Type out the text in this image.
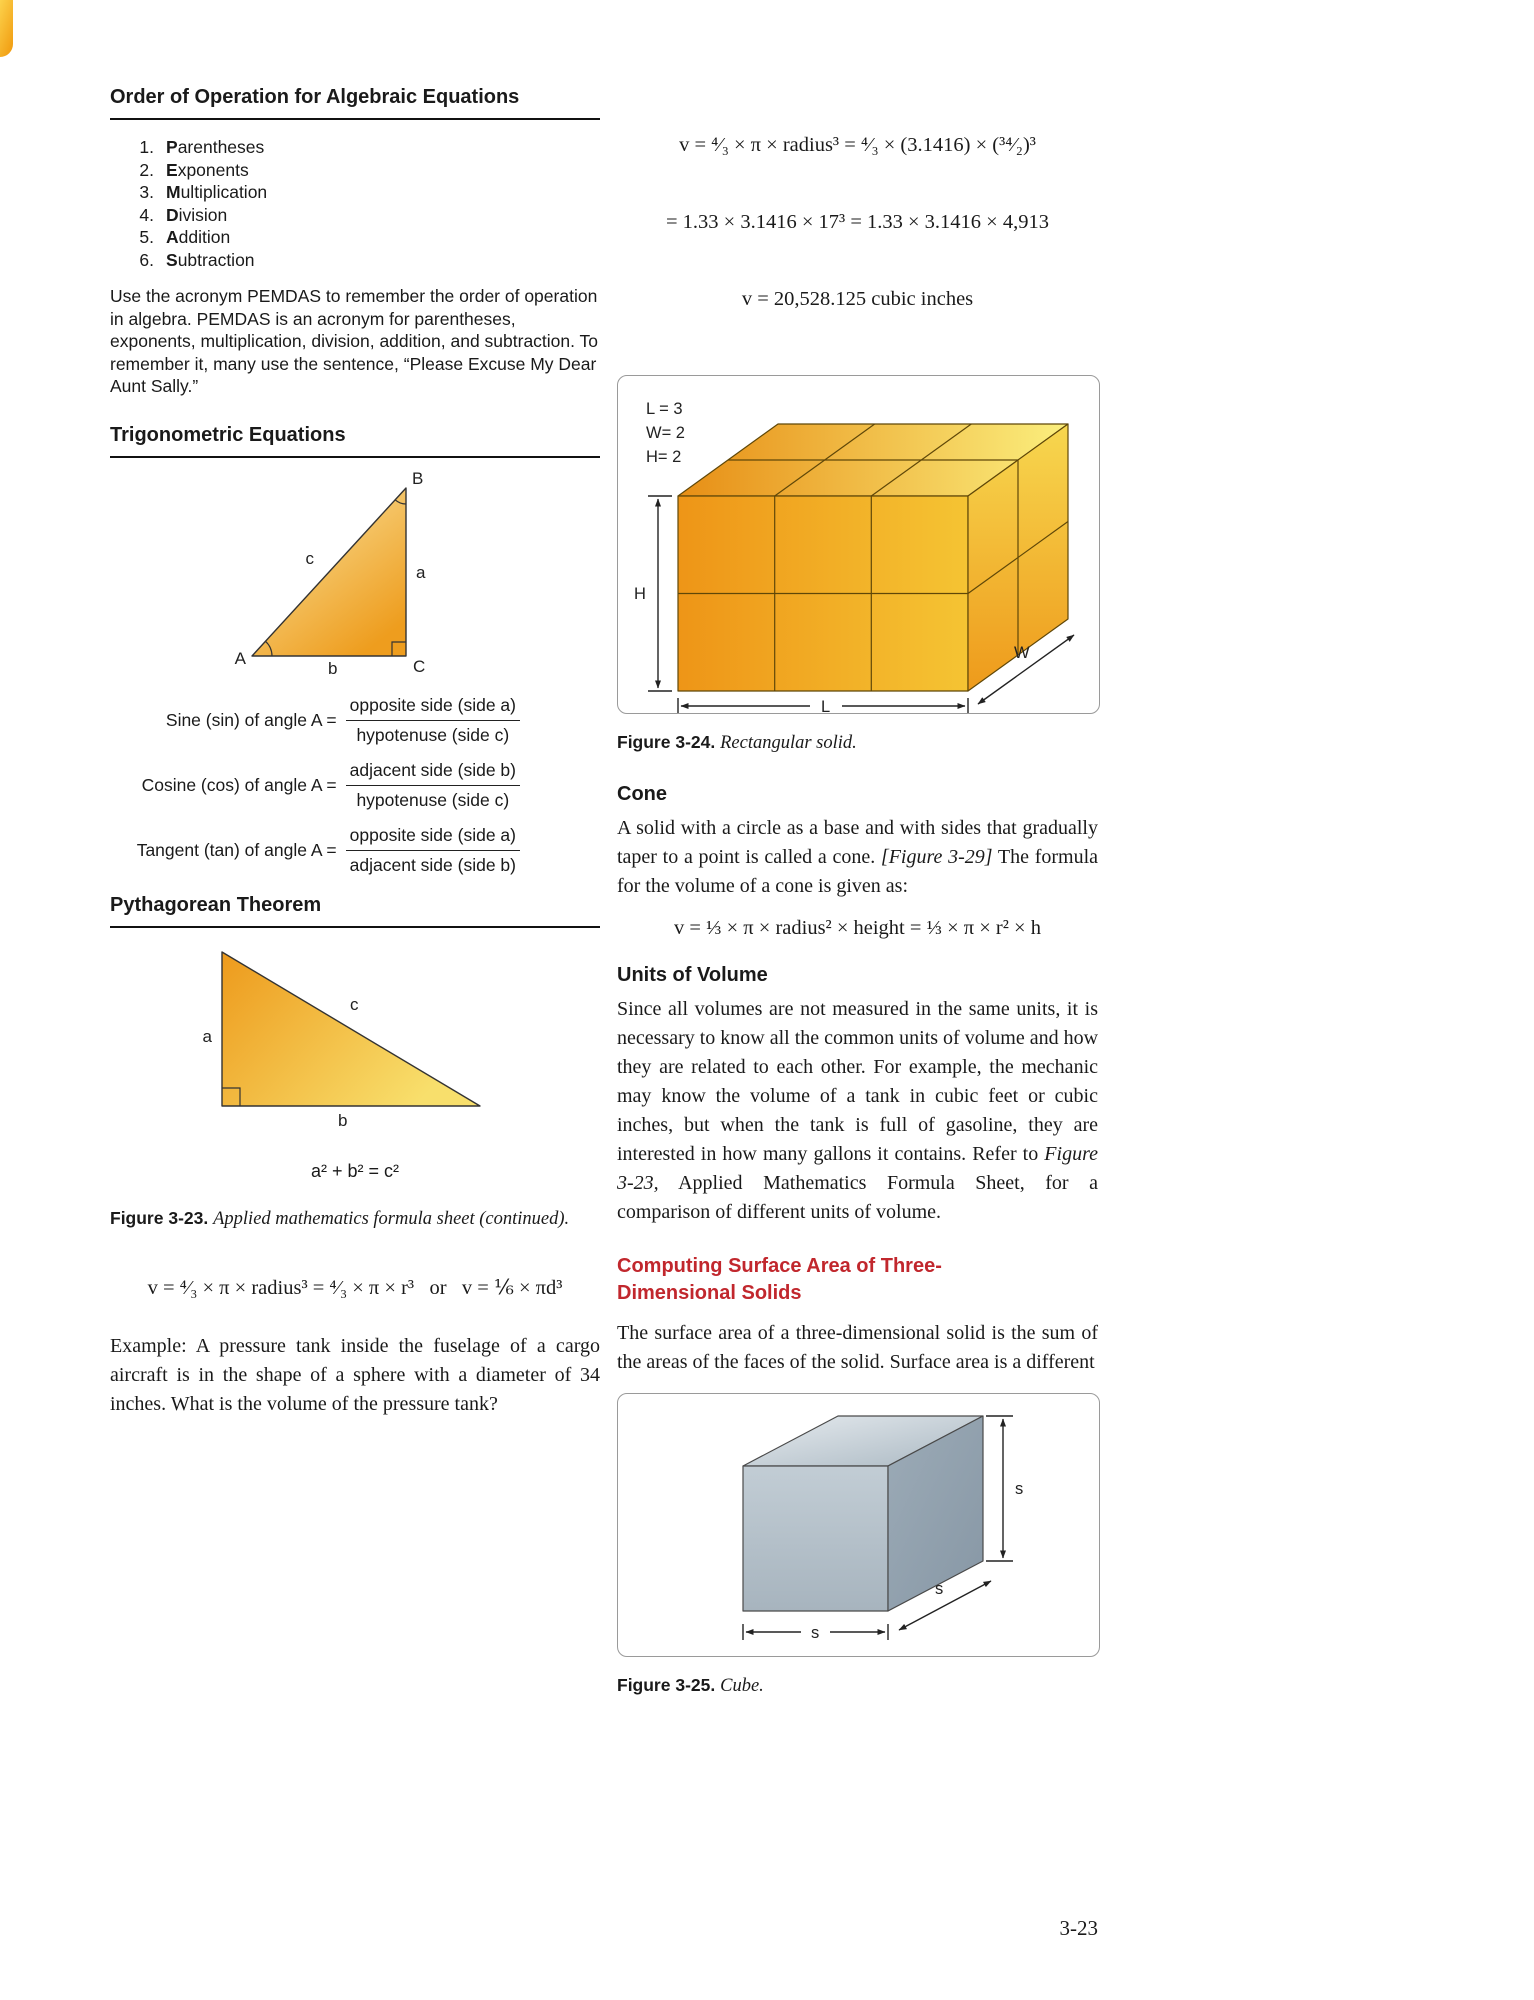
Order of Operation for Algebraic Equations
1. Parentheses
2. Exponents
3. Multiplication
4. Division
5. Addition
6. Subtraction

Use the acronym PEMDAS to remember the order of operation in algebra. PEMDAS is an acronym for parentheses, exponents, multiplication, division, addition, and subtraction. To remember it, many use the sentence, “Please Excuse My Dear Aunt Sally.”

Trigonometric Equations
B
c
a
A
b	C
Sine (sin) of angle $A = \frac{\text{opposite side (side a)}}{\text{hypotenuse (side c)}}$
Cosine (cos) of angle $A = \frac{\text{adjacent side (side b)}}{\text{hypotenuse (side c)}}$
Tangent (tan) of angle $A = \frac{\text{opposite side (side a)}}{\text{adjacent side (side b)}}$
Pythagorean Theorem
a
c
b
a² + b² = c²

Figure 3-23. Applied mathematics formula sheet (continued).

v = ⁴⁄₃ × π × radius³ = ⁴⁄₃ × π × r³   or   v = ⅙ × πd³

Example: A pressure tank inside the fuselage of a cargo aircraft is in the shape of a sphere with a diameter of 34 inches. What is the volume of the pressure tank?

v = ⁴⁄₃ × π × radius³ = ⁴⁄₃ × (3.1416) × (³⁴⁄₂)³

= 1.33 × 3.1416 × 17³ = 1.33 × 3.1416 × 4,913

v = 20,528.125 cubic inches

L = 3
W= 2
H= 2
H
L
W

Figure 3-24. Rectangular solid.

Cone

A solid with a circle as a base and with sides that gradually taper to a point is called a cone. [Figure 3-29] The formula for the volume of a cone is given as:

v = ⅓ × π × radius² × height = ⅓ × π × r² × h
Units of Volume

Since all volumes are not measured in the same units, it is necessary to know all the common units of volume and how they are related to each other. For example, the mechanic may know the volume of a tank in cubic feet or cubic inches, but when the tank is full of gasoline, they are interested in how many gallons it contains. Refer to Figure 3-23, Applied Mathematics Formula Sheet, for a comparison of different units of volume.

Computing Surface Area of Three-
Dimensional Solids

The surface area of a three-dimensional solid is the sum of the areas of the faces of the solid. Surface area is a different

s
s
s

Figure 3-25. Cube.

3-23
